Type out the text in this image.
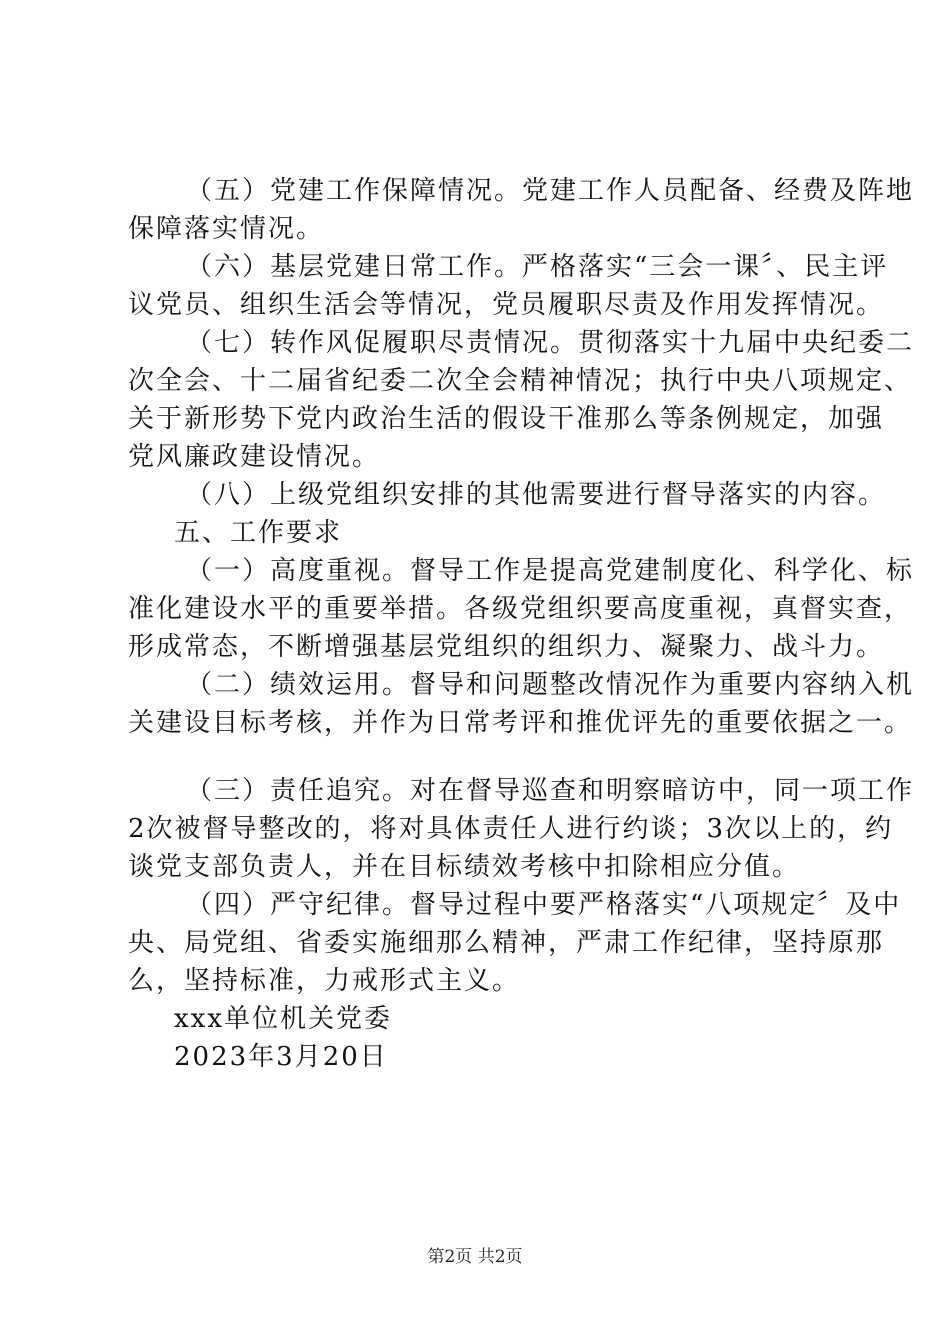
（五）党建工作保障情况。党建工作人员配备、经费及阵地
保障落实情况。
（六）基层党建日常工作。严格落实“三会一课〞、民主评
议党员、组织生活会等情况，党员履职尽责及作用发挥情况。
（七）转作风促履职尽责情况。贯彻落实十九届中央纪委二
次全会、十二届省纪委二次全会精神情况；执行中央八项规定、
关于新形势下党内政治生活的假设干准那么等条例规定，加强
党风廉政建设情况。
（八）上级党组织安排的其他需要进行督导落实的内容。
五、工作要求
（一）高度重视。督导工作是提高党建制度化、科学化、标
准化建设水平的重要举措。各级党组织要高度重视，真督实查，
形成常态，不断增强基层党组织的组织力、凝聚力、战斗力。
（二）绩效运用。督导和问题整改情况作为重要内容纳入机
关建设目标考核，并作为日常考评和推优评先的重要依据之一。
（三）责任追究。对在督导巡查和明察暗访中，同一项工作
2次被督导整改的，将对具体责任人进行约谈；3次以上的，约
谈党支部负责人，并在目标绩效考核中扣除相应分值。
（四）严守纪律。督导过程中要严格落实“八项规定〞及中
央、局党组、省委实施细那么精神，严肃工作纪律，坚持原那
么，坚持标准，力戒形式主义。
xxx单位机关党委
2023年3月20日
第2页 共2页
